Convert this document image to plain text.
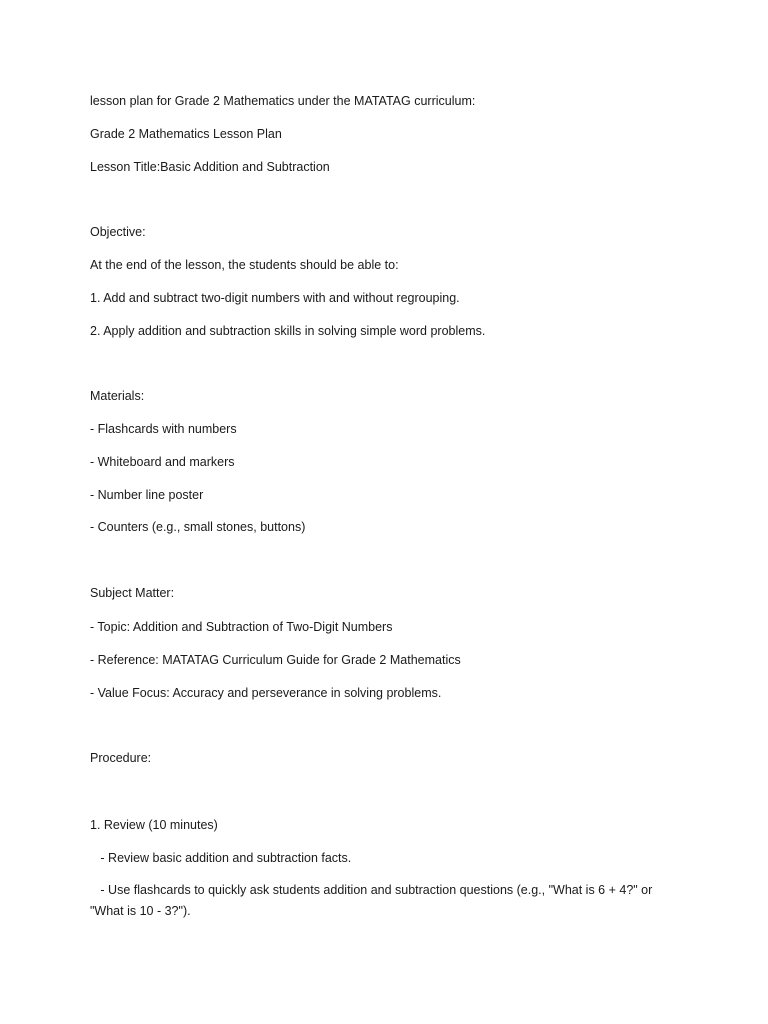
lesson plan for Grade 2 Mathematics under the MATATAG curriculum:
Grade 2 Mathematics Lesson Plan
Lesson Title:Basic Addition and Subtraction
Objective:
At the end of the lesson, the students should be able to:
1. Add and subtract two-digit numbers with and without regrouping.
2. Apply addition and subtraction skills in solving simple word problems.
Materials:
- Flashcards with numbers
- Whiteboard and markers
- Number line poster
- Counters (e.g., small stones, buttons)
Subject Matter:
- Topic: Addition and Subtraction of Two-Digit Numbers
- Reference: MATATAG Curriculum Guide for Grade 2 Mathematics
- Value Focus: Accuracy and perseverance in solving problems.
Procedure:
1. Review (10 minutes)
- Review basic addition and subtraction facts.
- Use flashcards to quickly ask students addition and subtraction questions (e.g., "What is 6 + 4?" or "What is 10 - 3?").
